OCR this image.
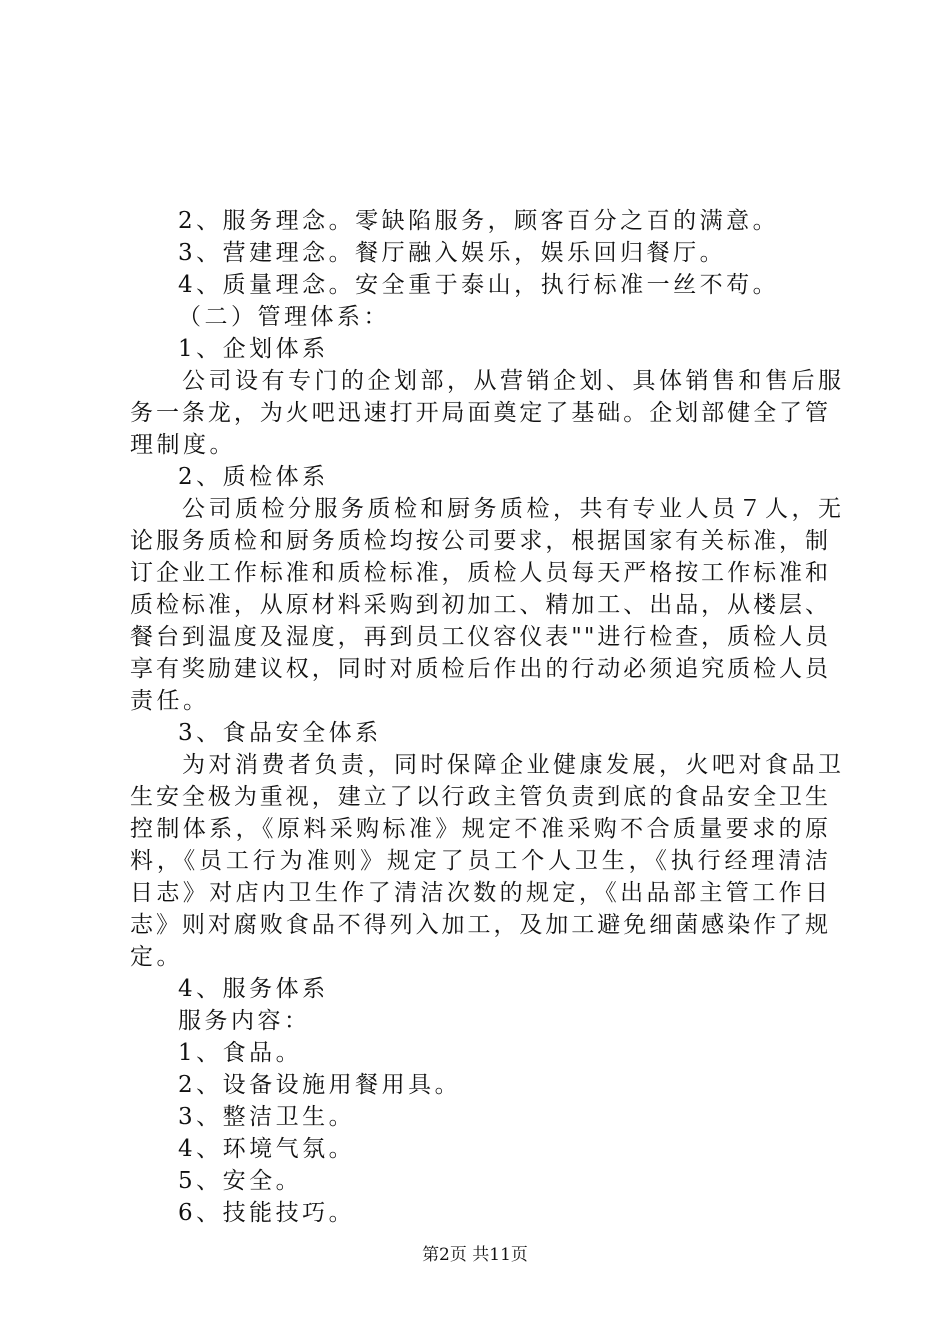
2、服务理念。零缺陷服务，顾客百分之百的满意。
3、营建理念。餐厅融入娱乐，娱乐回归餐厅。
4、质量理念。安全重于泰山，执行标准一丝不苟。
（二）管理体系：
1、企划体系
公司设有专门的企划部，从营销企划、具体销售和售后服
务一条龙，为火吧迅速打开局面奠定了基础。企划部健全了管
理制度。
2、质检体系
公司质检分服务质检和厨务质检，共有专业人员７人，无
论服务质检和厨务质检均按公司要求，根据国家有关标准，制
订企业工作标准和质检标准，质检人员每天严格按工作标准和
质检标准，从原材料采购到初加工、精加工、出品，从楼层、
餐台到温度及湿度，再到员工仪容仪表""进行检查，质检人员
享有奖励建议权，同时对质检后作出的行动必须追究质检人员
责任。
3、食品安全体系
为对消费者负责，同时保障企业健康发展，火吧对食品卫
生安全极为重视，建立了以行政主管负责到底的食品安全卫生
控制体系，《原料采购标准》规定不准采购不合质量要求的原
料，《员工行为准则》规定了员工个人卫生，《执行经理清洁
日志》对店内卫生作了清洁次数的规定，《出品部主管工作日
志》则对腐败食品不得列入加工，及加工避免细菌感染作了规
定。
4、服务体系
服务内容：
1、食品。
2、设备设施用餐用具。
3、整洁卫生。
4、环境气氛。
5、安全。
6、技能技巧。
第2页 共11页
